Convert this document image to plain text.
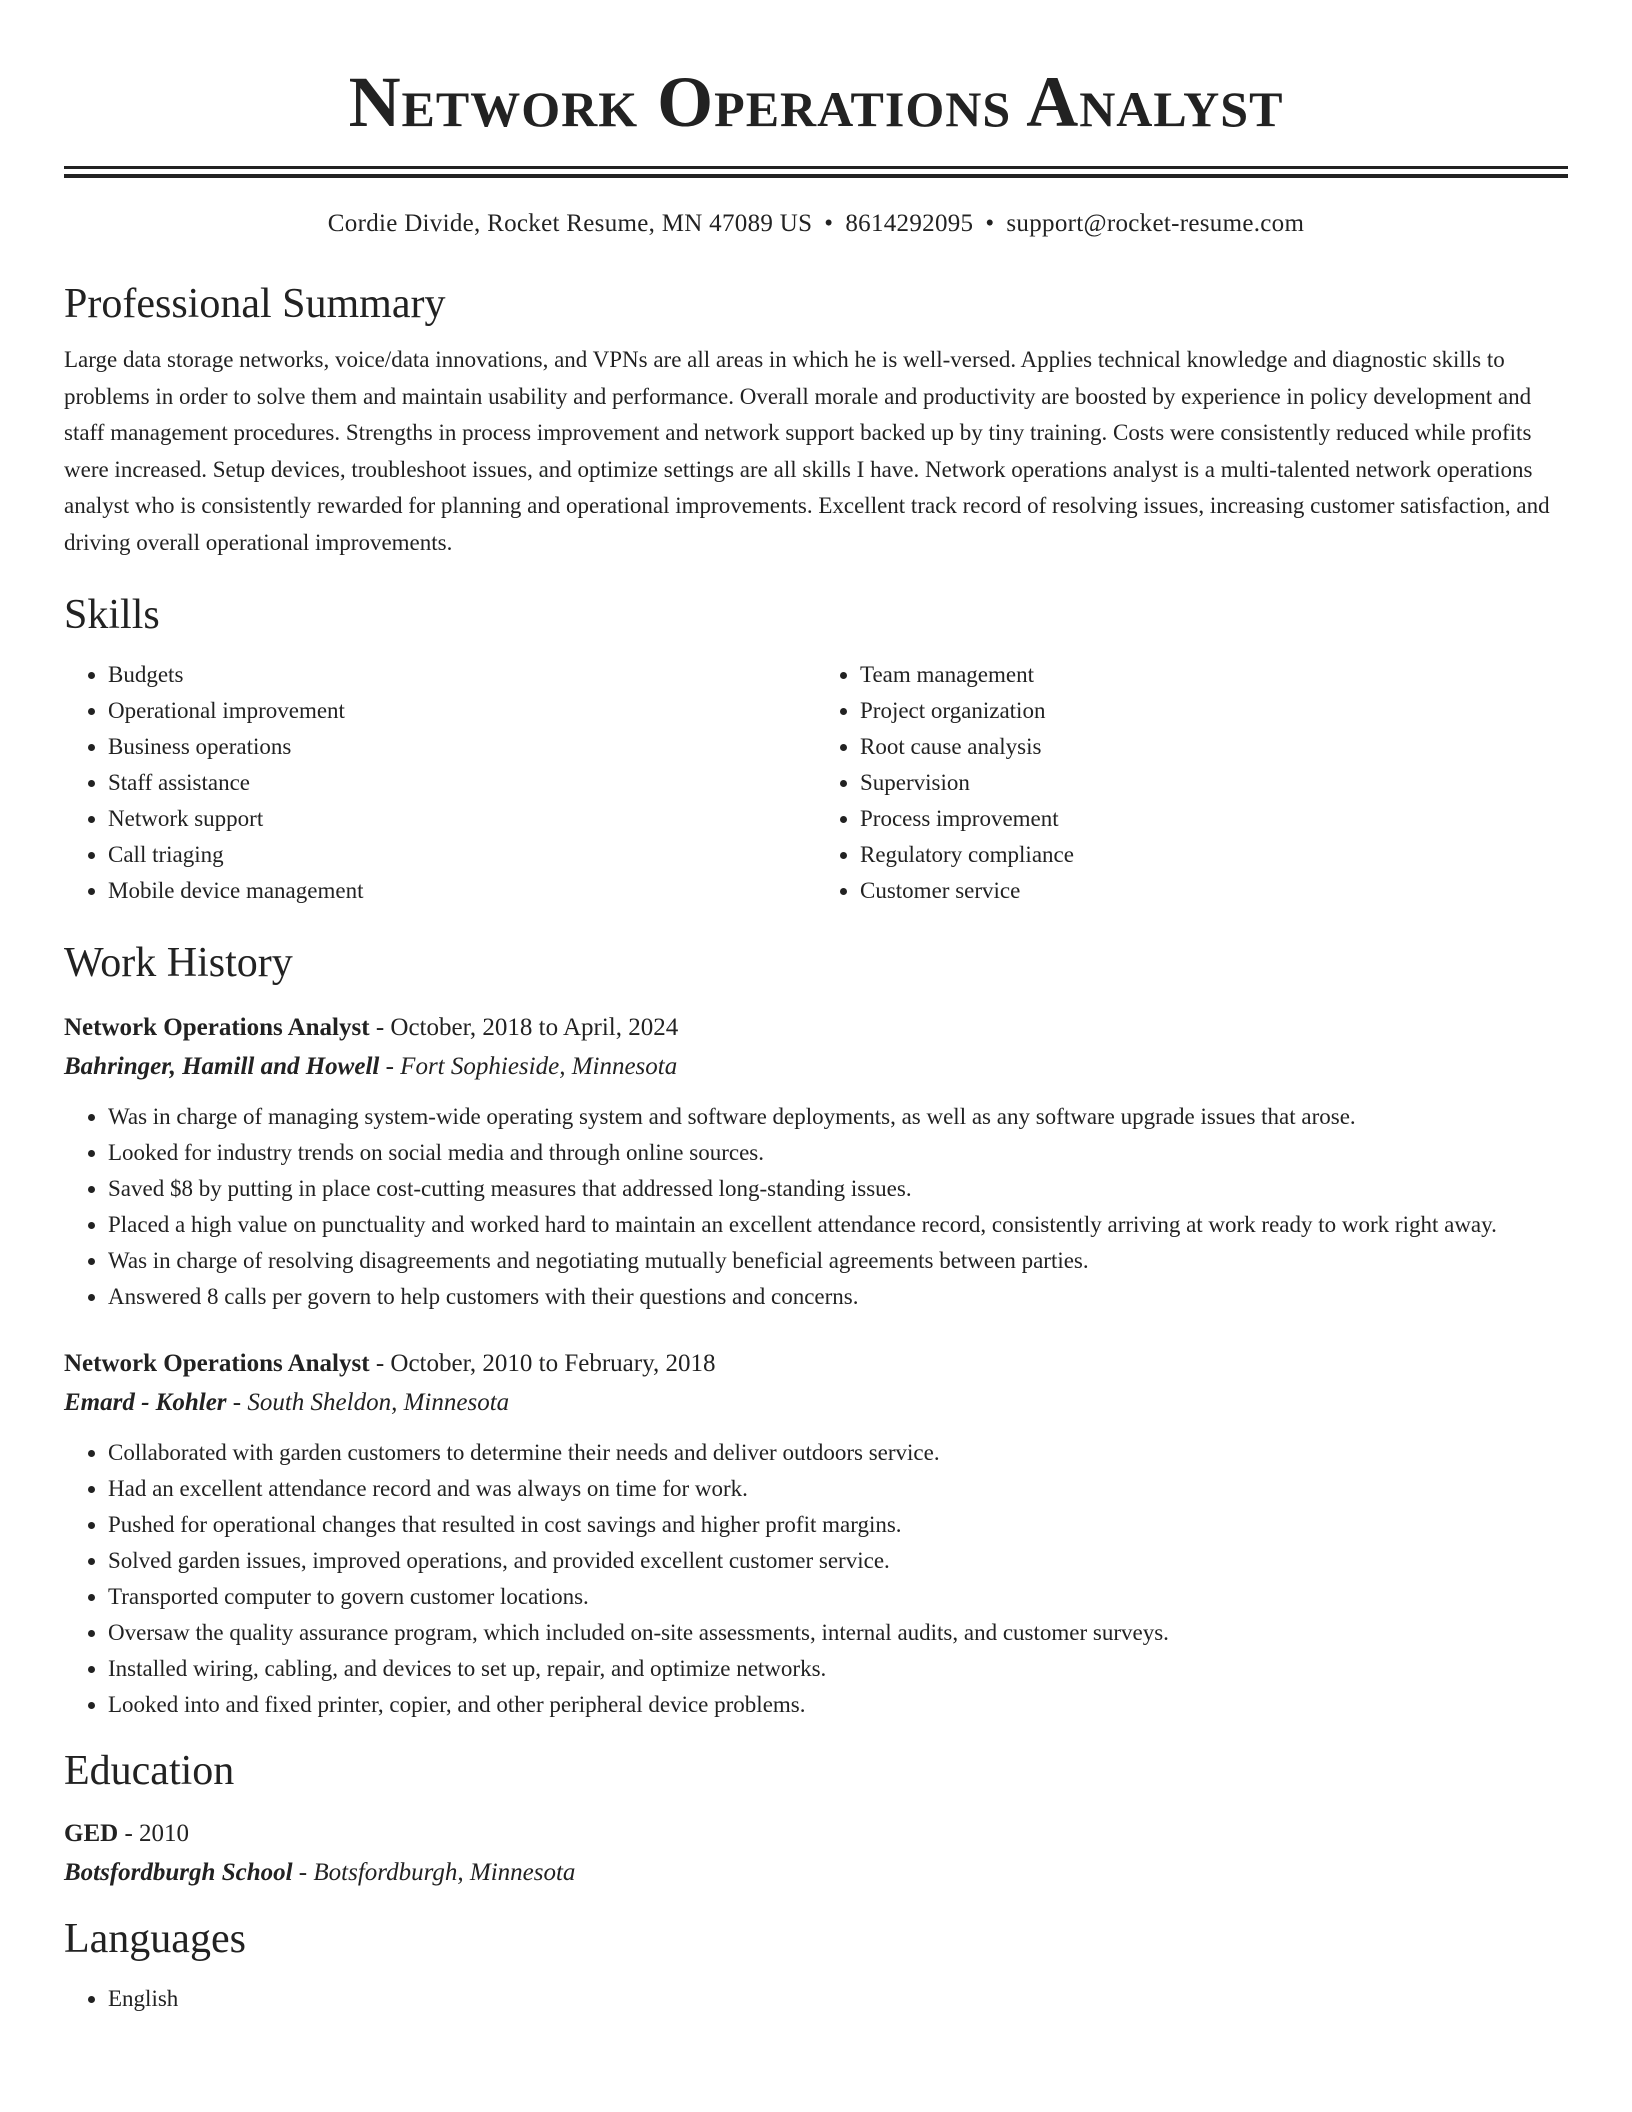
Network Operations Analyst
Cordie Divide, Rocket Resume, MN 47089 US • 8614292095 • support@rocket-resume.com
Professional Summary

Large data storage networks, voice/data innovations, and VPNs are all areas in which he is well-versed. Applies technical knowledge and diagnostic skills to problems in order to solve them and maintain usability and performance. Overall morale and productivity are boosted by experience in policy development and staff management procedures. Strengths in process improvement and network support backed up by tiny training. Costs were consistently reduced while profits were increased. Setup devices, troubleshoot issues, and optimize settings are all skills I have. Network operations analyst is a multi-talented network operations analyst who is consistently rewarded for planning and operational improvements. Excellent track record of resolving issues, increasing customer satisfaction, and driving overall operational improvements.

Skills
• Budgets
• Operational improvement
• Business operations
• Staff assistance
• Network support
• Call triaging
• Mobile device management
• Team management
• Project organization
• Root cause analysis
• Supervision
• Process improvement
• Regulatory compliance
• Customer service
Work History
Network Operations Analyst - October, 2018 to April, 2024
Bahringer, Hamill and Howell - Fort Sophieside, Minnesota
• Was in charge of managing system-wide operating system and software deployments, as well as any software upgrade issues that arose.
• Looked for industry trends on social media and through online sources.
• Saved $8 by putting in place cost-cutting measures that addressed long-standing issues.
• Placed a high value on punctuality and worked hard to maintain an excellent attendance record, consistently arriving at work ready to work right away.
• Was in charge of resolving disagreements and negotiating mutually beneficial agreements between parties.
• Answered 8 calls per govern to help customers with their questions and concerns.
Network Operations Analyst - October, 2010 to February, 2018
Emard - Kohler - South Sheldon, Minnesota
• Collaborated with garden customers to determine their needs and deliver outdoors service.
• Had an excellent attendance record and was always on time for work.
• Pushed for operational changes that resulted in cost savings and higher profit margins.
• Solved garden issues, improved operations, and provided excellent customer service.
• Transported computer to govern customer locations.
• Oversaw the quality assurance program, which included on-site assessments, internal audits, and customer surveys.
• Installed wiring, cabling, and devices to set up, repair, and optimize networks.
• Looked into and fixed printer, copier, and other peripheral device problems.
Education
GED - 2010
Botsfordburgh School - Botsfordburgh, Minnesota
Languages
• English
